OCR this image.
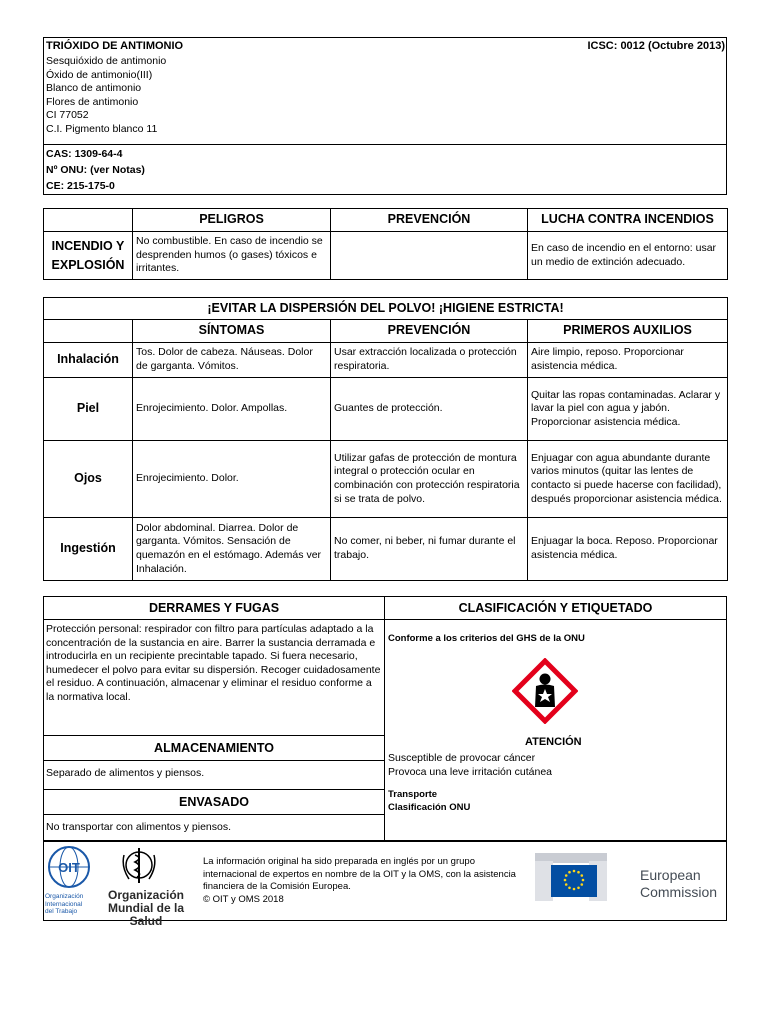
TRIÓXIDO DE ANTIMONIO	ICSC: 0012 (Octubre 2013)
Sesquióxido de antimonio
Óxido de antimonio(III)
Blanco de antimonio
Flores de antimonio
CI 77052
C.I. Pigmento blanco 11
CAS: 1309-64-4
Nº ONU: (ver Notas)
CE: 215-175-0
	PELIGROS	PREVENCIÓN	LUCHA CONTRA INCENDIOS

INCENDIO Y
EXPLOSIÓN	No combustible. En caso de incendio se desprenden humos (o gases) tóxicos e irritantes.		En caso de incendio en el entorno: usar un medio de extinción adecuado.
¡EVITAR LA DISPERSIÓN DEL POLVO! ¡HIGIENE ESTRICTA!			
	SÍNTOMAS	PREVENCIÓN	PRIMEROS AUXILIOS
Inhalación	Tos. Dolor de cabeza. Náuseas. Dolor de garganta. Vómitos.	Usar extracción localizada o protección respiratoria.	Aire limpio, reposo. Proporcionar asistencia médica.
Piel	Enrojecimiento. Dolor. Ampollas.	Guantes de protección.	Quitar las ropas contaminadas. Aclarar y lavar la piel con agua y jabón. Proporcionar asistencia médica.
Ojos	Enrojecimiento. Dolor.	Utilizar gafas de protección de montura integral o protección ocular en combinación con protección respiratoria si se trata de polvo.	Enjuagar con agua abundante durante varios minutos (quitar las lentes de contacto si puede hacerse con facilidad), después proporcionar asistencia médica.
Ingestión	Dolor abdominal. Diarrea. Dolor de garganta. Vómitos. Sensación de quemazón en el estómago. Además ver Inhalación.	No comer, ni beber, ni fumar durante el trabajo.	Enjuagar la boca. Reposo. Proporcionar asistencia médica.
DERRAMES Y FUGAS
Protección personal: respirador con filtro para partículas adaptado a la concentración de la sustancia en aire. Barrer la sustancia derramada e introducirla en un recipiente precintable tapado. Si fuera necesario, humedecer el polvo para evitar su dispersión. Recoger cuidadosamente el residuo. A continuación, almacenar y eliminar el residuo conforme a la normativa local.
ALMACENAMIENTO
Separado de alimentos y piensos.
ENVASADO
No transportar con alimentos y piensos.
CLASIFICACIÓN Y ETIQUETADO
Conforme a los criterios del GHS de la ONU
ATENCIÓN
Susceptible de provocar cáncer
Provoca una leve irritación cutánea
Transporte
Clasificación ONU
OIT
Organización
Internacional
del Trabajo
Organización
Mundial de la Salud
La información original ha sido preparada en inglés por un grupo internacional de expertos en nombre de la OIT y la OMS, con la asistencia financiera de la Comisión Europea.
© OIT y OMS 2018
European
Commission
